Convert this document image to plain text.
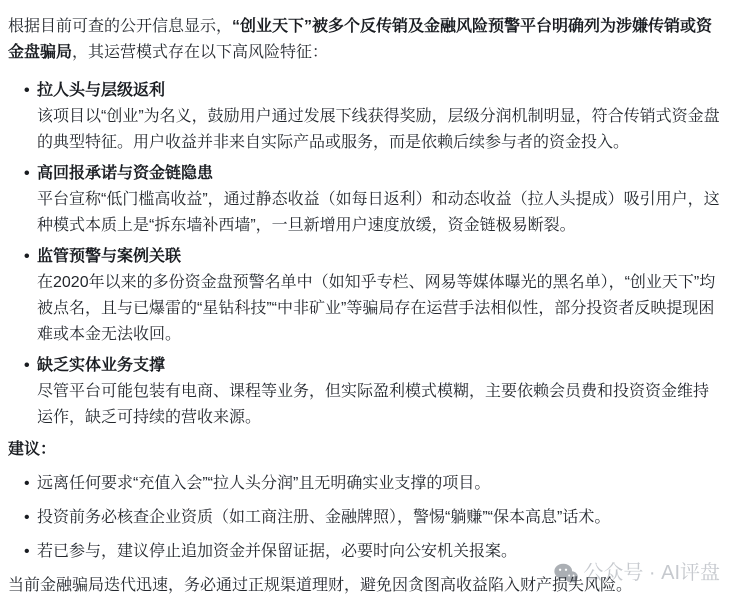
公众号 · AI评盘

根据目前可查的公开信息显示，“创业天下”被多个反传销及金融风险预警平台明确列为涉嫌传销或资金盘骗局，其运营模式存在以下高风险特征：

• 拉人头与层级返利
该项目以“创业”为名义，鼓励用户通过发展下线获得奖励，层级分润机制明显，符合传销式资金盘的典型特征。用户收益并非来自实际产品或服务，而是依赖后续参与者的资金投入。
• 高回报承诺与资金链隐患
平台宣称“低门槛高收益”，通过静态收益（如每日返利）和动态收益（拉人头提成）吸引用户，这种模式本质上是“拆东墙补西墙”，一旦新增用户速度放缓，资金链极易断裂。
• 监管预警与案例关联
在2020年以来的多份资金盘预警名单中（如知乎专栏、网易等媒体曝光的黑名单），“创业天下”均被点名，且与已爆雷的“星钻科技”“中非矿业”等骗局存在运营手法相似性，部分投资者反映提现困难或本金无法收回。
• 缺乏实体业务支撑
尽管平台可能包装有电商、课程等业务，但实际盈利模式模糊，主要依赖会员费和投资资金维持运作，缺乏可持续的营收来源。

建议：

• 远离任何要求“充值入会”“拉人头分润”且无明确实业支撑的项目。
• 投资前务必核查企业资质（如工商注册、金融牌照），警惕“躺赚”“保本高息”话术。
• 若已参与，建议停止追加资金并保留证据，必要时向公安机关报案。

当前金融骗局迭代迅速，务必通过正规渠道理财，避免因贪图高收益陷入财产损失风险。
